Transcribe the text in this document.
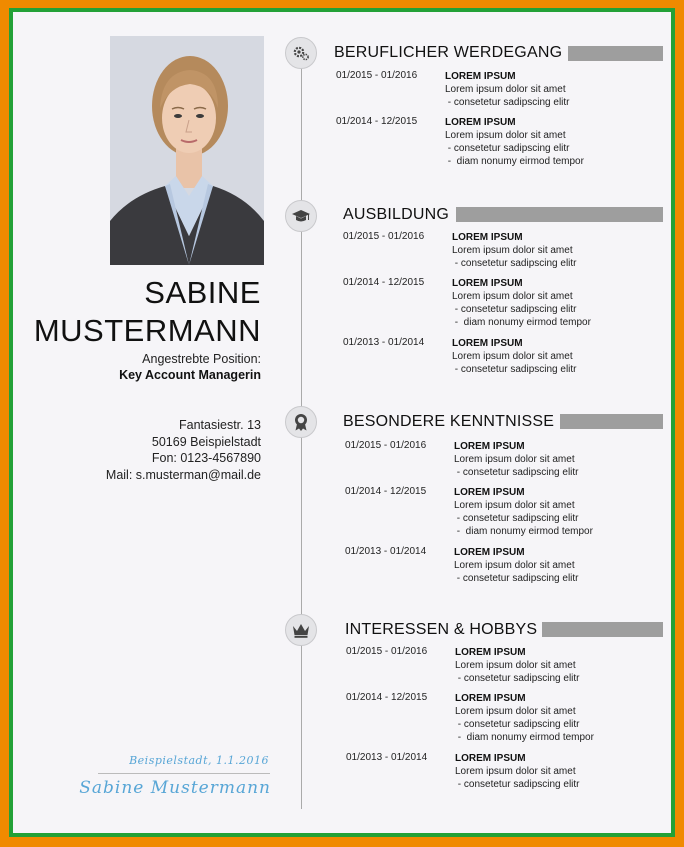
SABINE
MUSTERMANN
Angestrebte Position:
Key Account Managerin
Fantasiestr. 13
50169 Beispielstadt
Fon: 0123-4567890
Mail: s.musterman@mail.de
Beispielstadt, 1.1.2016
Sabine Mustermann
BERUFLICHER WERDEGANG
01/2015 - 01/2016	LOREM IPSUM
Lorem ipsum dolor sit amet
- consetetur sadipscing elitr
01/2014 - 12/2015	LOREM IPSUM
Lorem ipsum dolor sit amet
- consetetur sadipscing elitr
-  diam nonumy eirmod tempor
AUSBILDUNG
01/2015 - 01/2016	LOREM IPSUM
Lorem ipsum dolor sit amet
- consetetur sadipscing elitr
01/2014 - 12/2015	LOREM IPSUM
Lorem ipsum dolor sit amet
- consetetur sadipscing elitr
-  diam nonumy eirmod tempor
01/2013 - 01/2014	LOREM IPSUM
Lorem ipsum dolor sit amet
- consetetur sadipscing elitr
BESONDERE KENNTNISSE
01/2015 - 01/2016	LOREM IPSUM
Lorem ipsum dolor sit amet
- consetetur sadipscing elitr
01/2014 - 12/2015	LOREM IPSUM
Lorem ipsum dolor sit amet
- consetetur sadipscing elitr
-  diam nonumy eirmod tempor
01/2013 - 01/2014	LOREM IPSUM
Lorem ipsum dolor sit amet
- consetetur sadipscing elitr
INTERESSEN & HOBBYS
01/2015 - 01/2016	LOREM IPSUM
Lorem ipsum dolor sit amet
- consetetur sadipscing elitr
01/2014 - 12/2015	LOREM IPSUM
Lorem ipsum dolor sit amet
- consetetur sadipscing elitr
-  diam nonumy eirmod tempor
01/2013 - 01/2014	LOREM IPSUM
Lorem ipsum dolor sit amet
- consetetur sadipscing elitr
